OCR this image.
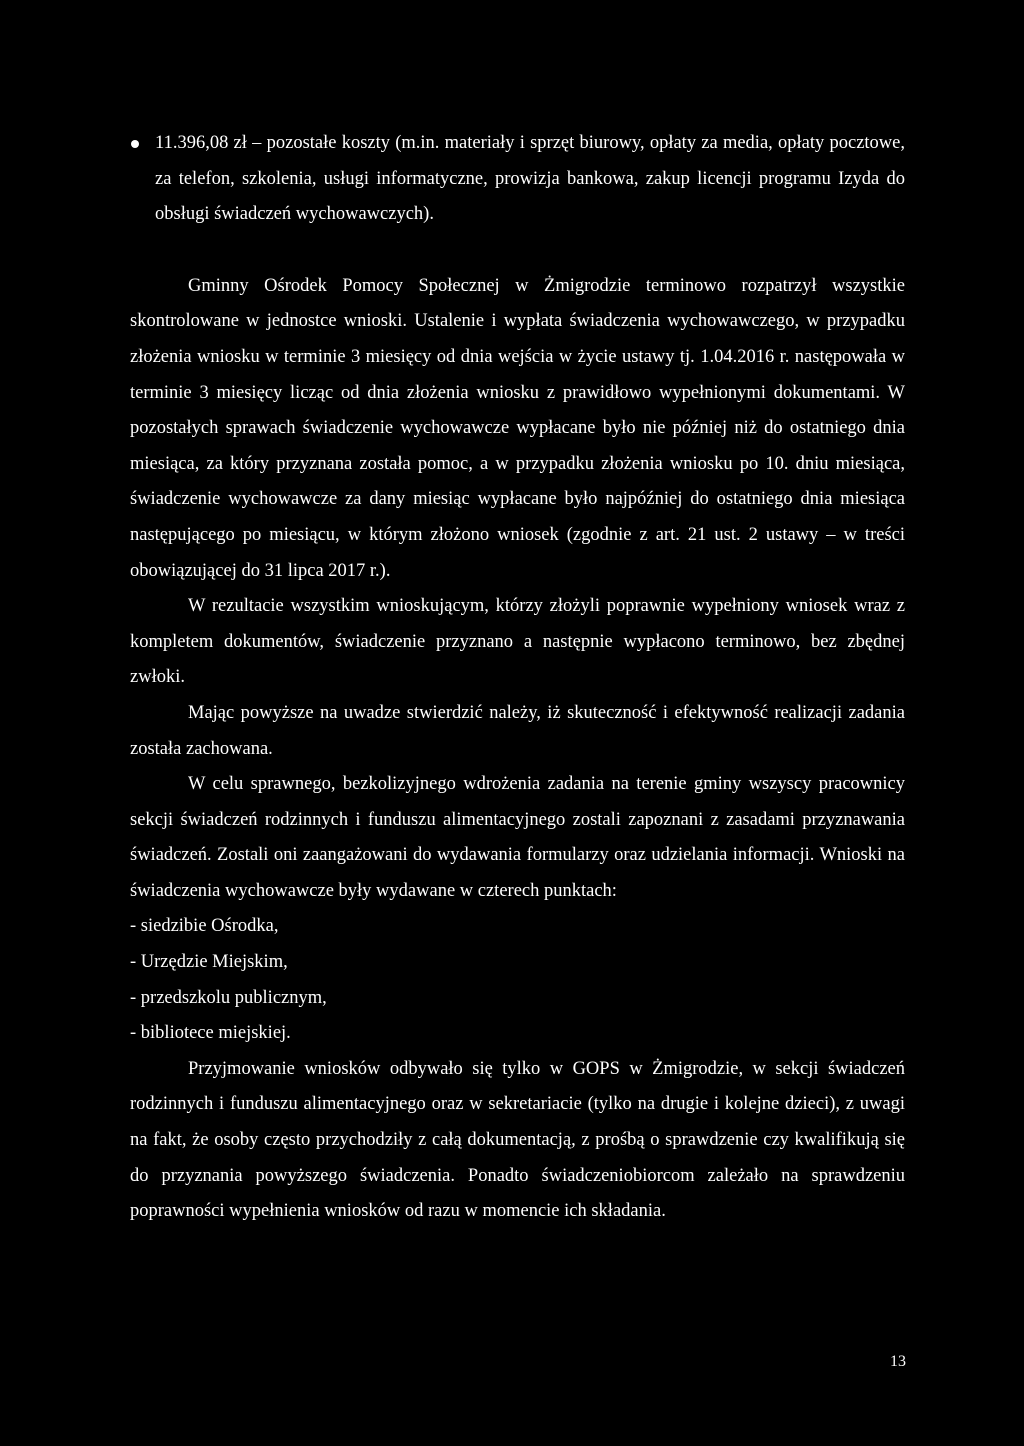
11.396,08 zł – pozostałe koszty (m.in. materiały i sprzęt biurowy, opłaty za media, opłaty pocztowe, za telefon, szkolenia, usługi informatyczne, prowizja bankowa, zakup licencji programu Izyda do obsługi świadczeń wychowawczych).

Gminny Ośrodek Pomocy Społecznej w Żmigrodzie terminowo rozpatrzył wszystkie skontrolowane w jednostce wnioski. Ustalenie i wypłata świadczenia wychowawczego, w przypadku złożenia wniosku w terminie 3 miesięcy od dnia wejścia w życie ustawy tj. 1.04.2016 r. następowała w terminie 3 miesięcy licząc od dnia złożenia wniosku z prawidłowo wypełnionymi dokumentami. W pozostałych sprawach świadczenie wychowawcze wypłacane było nie później niż do ostatniego dnia miesiąca, za który przyznana została pomoc, a w przypadku złożenia wniosku po 10. dniu miesiąca, świadczenie wychowawcze za dany miesiąc wypłacane było najpóźniej do ostatniego dnia miesiąca następującego po miesiącu, w którym złożono wniosek (zgodnie z art. 21 ust. 2 ustawy – w treści obowiązującej do 31 lipca 2017 r.).

W rezultacie wszystkim wnioskującym, którzy złożyli poprawnie wypełniony wniosek wraz z kompletem dokumentów, świadczenie przyznano a następnie wypłacono terminowo, bez zbędnej zwłoki.

Mając powyższe na uwadze stwierdzić należy, iż skuteczność i efektywność realizacji zadania została zachowana.

W celu sprawnego, bezkolizyjnego wdrożenia zadania na terenie gminy wszyscy pracownicy sekcji świadczeń rodzinnych i funduszu alimentacyjnego zostali zapoznani z zasadami przyznawania świadczeń. Zostali oni zaangażowani do wydawania formularzy oraz udzielania informacji. Wnioski na świadczenia wychowawcze były wydawane w czterech punktach:

- siedzibie Ośrodka,

- Urzędzie Miejskim,

- przedszkolu publicznym,

- bibliotece miejskiej.

Przyjmowanie wniosków odbywało się tylko w GOPS w Żmigrodzie, w sekcji świadczeń rodzinnych i funduszu alimentacyjnego oraz w sekretariacie (tylko na drugie i kolejne dzieci), z uwagi na fakt, że osoby często przychodziły z całą dokumentacją, z prośbą o sprawdzenie czy kwalifikują się do przyznania powyższego świadczenia. Ponadto świadczeniobiorcom zależało na sprawdzeniu poprawności wypełnienia wniosków od razu w momencie ich składania.

13
